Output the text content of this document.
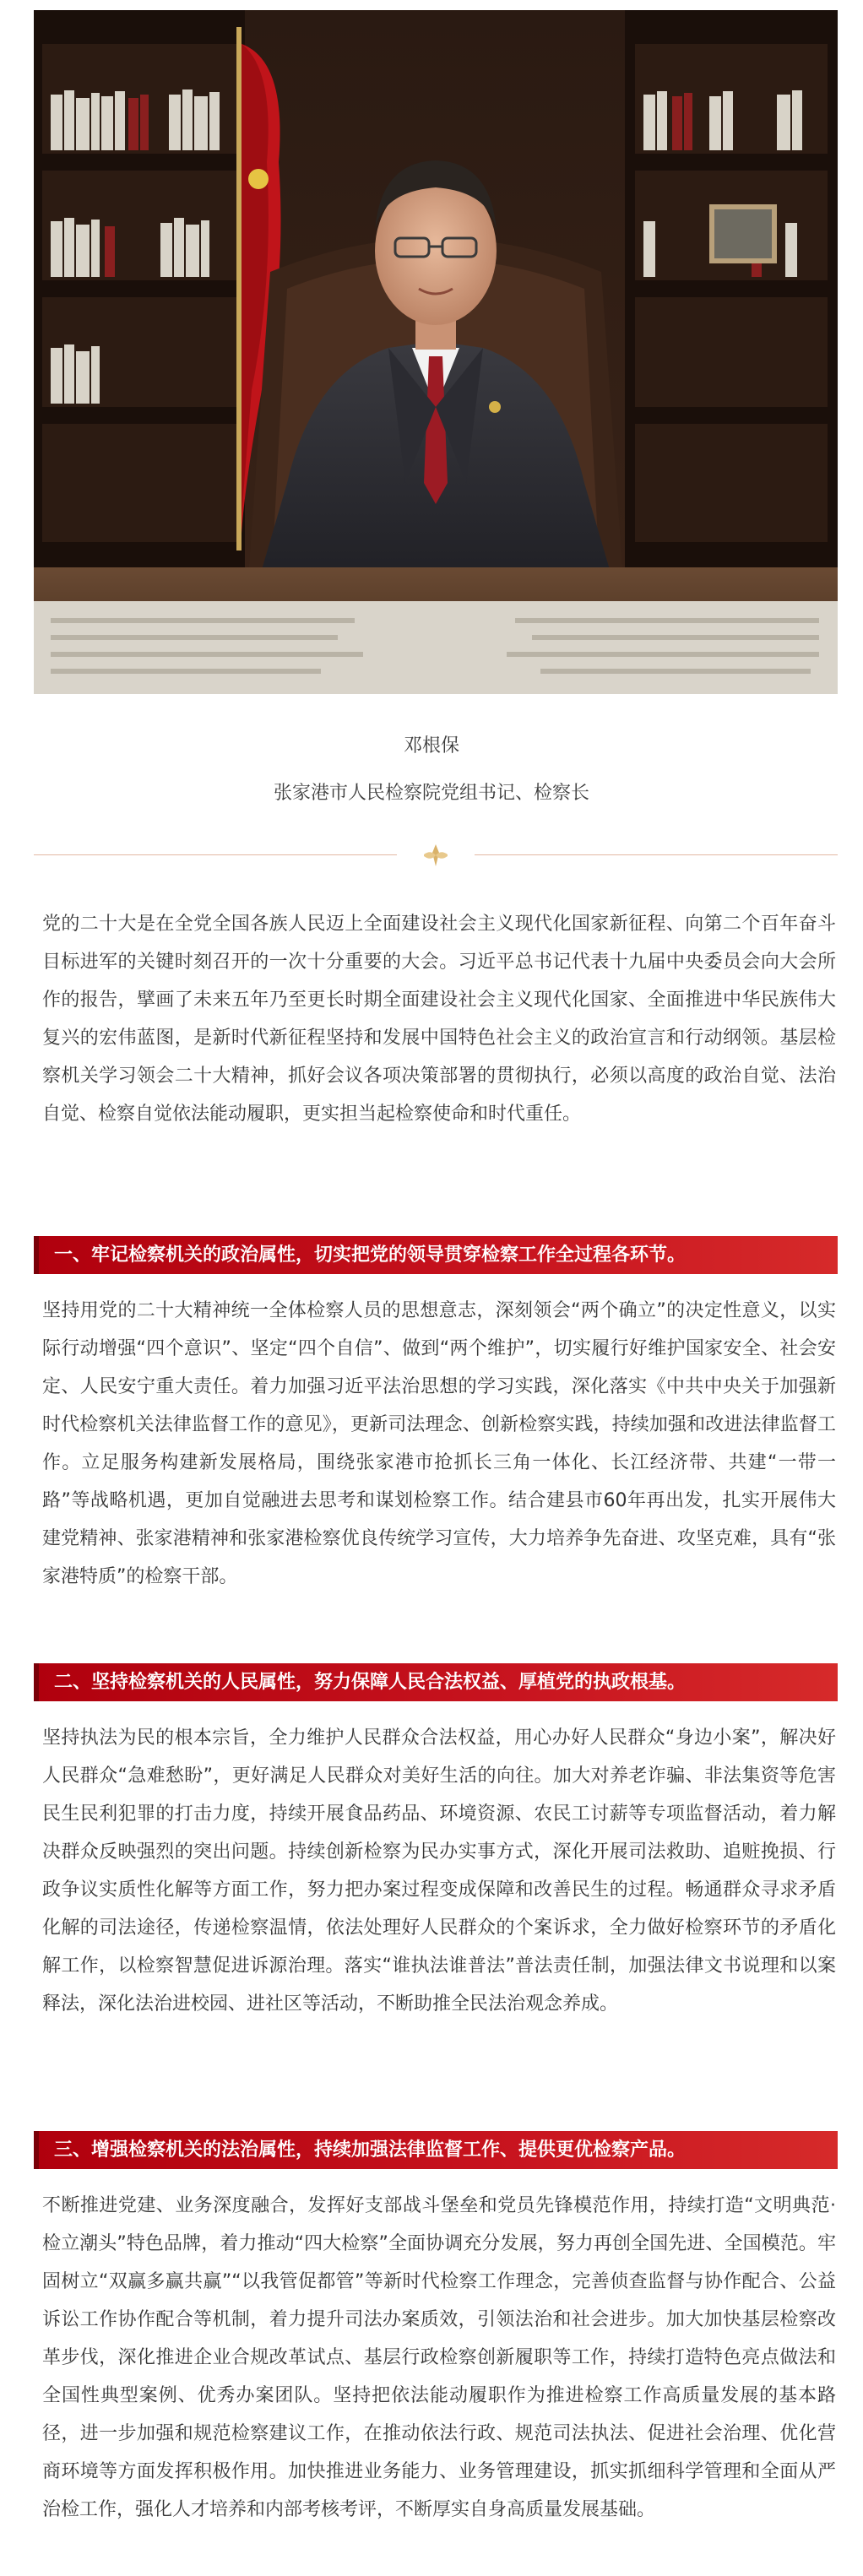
邓根保
张家港市人民检察院党组书记、检察长

党的二十大是在全党全国各族人民迈上全面建设社会主义现代化国家新征程、向第二个百年奋斗目标进军的关键时刻召开的一次十分重要的大会。习近平总书记代表十九届中央委员会向大会所作的报告，擘画了未来五年乃至更长时期全面建设社会主义现代化国家、全面推进中华民族伟大复兴的宏伟蓝图，是新时代新征程坚持和发展中国特色社会主义的政治宣言和行动纲领。基层检察机关学习领会二十大精神，抓好会议各项决策部署的贯彻执行，必须以高度的政治自觉、法治自觉、检察自觉依法能动履职，更实担当起检察使命和时代重任。

一、牢记检察机关的政治属性，切实把党的领导贯穿检察工作全过程各环节。

坚持用党的二十大精神统一全体检察人员的思想意志，深刻领会“两个确立”的决定性意义，以实际行动增强“四个意识”、坚定“四个自信”、做到“两个维护”，切实履行好维护国家安全、社会安定、人民安宁重大责任。着力加强习近平法治思想的学习实践，深化落实《中共中央关于加强新时代检察机关法律监督工作的意见》，更新司法理念、创新检察实践，持续加强和改进法律监督工作。立足服务构建新发展格局，围绕张家港市抢抓长三角一体化、长江经济带、共建“一带一路”等战略机遇，更加自觉融进去思考和谋划检察工作。结合建县市60年再出发，扎实开展伟大建党精神、张家港精神和张家港检察优良传统学习宣传，大力培养争先奋进、攻坚克难，具有“张家港特质”的检察干部。

二、坚持检察机关的人民属性，努力保障人民合法权益、厚植党的执政根基。

坚持执法为民的根本宗旨，全力维护人民群众合法权益，用心办好人民群众“身边小案”，解决好人民群众“急难愁盼”，更好满足人民群众对美好生活的向往。加大对养老诈骗、非法集资等危害民生民利犯罪的打击力度，持续开展食品药品、环境资源、农民工讨薪等专项监督活动，着力解决群众反映强烈的突出问题。持续创新检察为民办实事方式，深化开展司法救助、追赃挽损、行政争议实质性化解等方面工作，努力把办案过程变成保障和改善民生的过程。畅通群众寻求矛盾化解的司法途径，传递检察温情，依法处理好人民群众的个案诉求，全力做好检察环节的矛盾化解工作，以检察智慧促进诉源治理。落实“谁执法谁普法”普法责任制，加强法律文书说理和以案释法，深化法治进校园、进社区等活动，不断助推全民法治观念养成。

三、增强检察机关的法治属性，持续加强法律监督工作、提供更优检察产品。

不断推进党建、业务深度融合，发挥好支部战斗堡垒和党员先锋模范作用，持续打造“文明典范·检立潮头”特色品牌，着力推动“四大检察”全面协调充分发展，努力再创全国先进、全国模范。牢固树立“双赢多赢共赢”“以我管促都管”等新时代检察工作理念，完善侦查监督与协作配合、公益诉讼工作协作配合等机制，着力提升司法办案质效，引领法治和社会进步。加大加快基层检察改革步伐，深化推进企业合规改革试点、基层行政检察创新履职等工作，持续打造特色亮点做法和全国性典型案例、优秀办案团队。坚持把依法能动履职作为推进检察工作高质量发展的基本路径，进一步加强和规范检察建议工作，在推动依法行政、规范司法执法、促进社会治理、优化营商环境等方面发挥积极作用。加快推进业务能力、业务管理建设，抓实抓细科学管理和全面从严治检工作，强化人才培养和内部考核考评，不断厚实自身高质量发展基础。
